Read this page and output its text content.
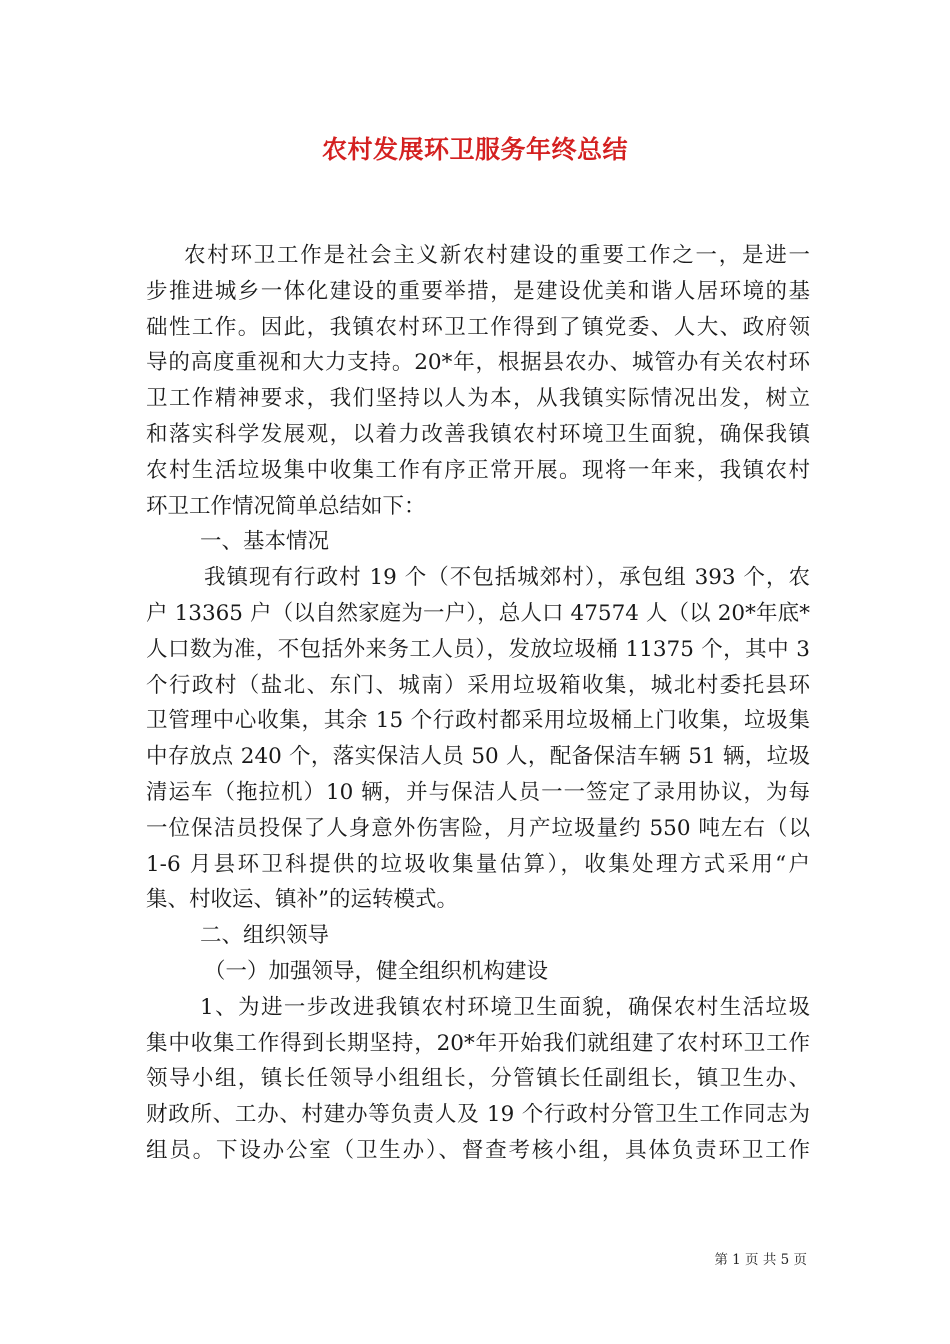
农村发展环卫服务年终总结
农村环卫工作是社会主义新农村建设的重要工作之一，是进一
步推进城乡一体化建设的重要举措，是建设优美和谐人居环境的基
础性工作。因此，我镇农村环卫工作得到了镇党委、人大、政府领
导的高度重视和大力支持。20*年，根据县农办、城管办有关农村环
卫工作精神要求，我们坚持以人为本，从我镇实际情况出发，树立
和落实科学发展观，以着力改善我镇农村环境卫生面貌，确保我镇
农村生活垃圾集中收集工作有序正常开展。现将一年来，我镇农村
环卫工作情况简单总结如下：
一、基本情况
我镇现有行政村 19 个（不包括城郊村），承包组 393 个，农
户 13365 户（以自然家庭为一户），总人口 47574 人（以 20*年底*
人口数为准，不包括外来务工人员），发放垃圾桶 11375 个，其中 3
个行政村（盐北、东门、城南）采用垃圾箱收集，城北村委托县环
卫管理中心收集，其余 15 个行政村都采用垃圾桶上门收集，垃圾集
中存放点 240 个，落实保洁人员 50 人，配备保洁车辆 51 辆，垃圾
清运车（拖拉机）10 辆，并与保洁人员一一签定了录用协议，为每
一位保洁员投保了人身意外伤害险，月产垃圾量约 550 吨左右（以
1-6 月县环卫科提供的垃圾收集量估算），收集处理方式采用“户
集、村收运、镇补”的运转模式。
二、组织领导
（一）加强领导，健全组织机构建设
1、为进一步改进我镇农村环境卫生面貌，确保农村生活垃圾
集中收集工作得到长期坚持，20*年开始我们就组建了农村环卫工作
领导小组，镇长任领导小组组长，分管镇长任副组长，镇卫生办、
财政所、工办、村建办等负责人及 19 个行政村分管卫生工作同志为
组员。下设办公室（卫生办）、督查考核小组，具体负责环卫工作
第 1 页 共 5 页
